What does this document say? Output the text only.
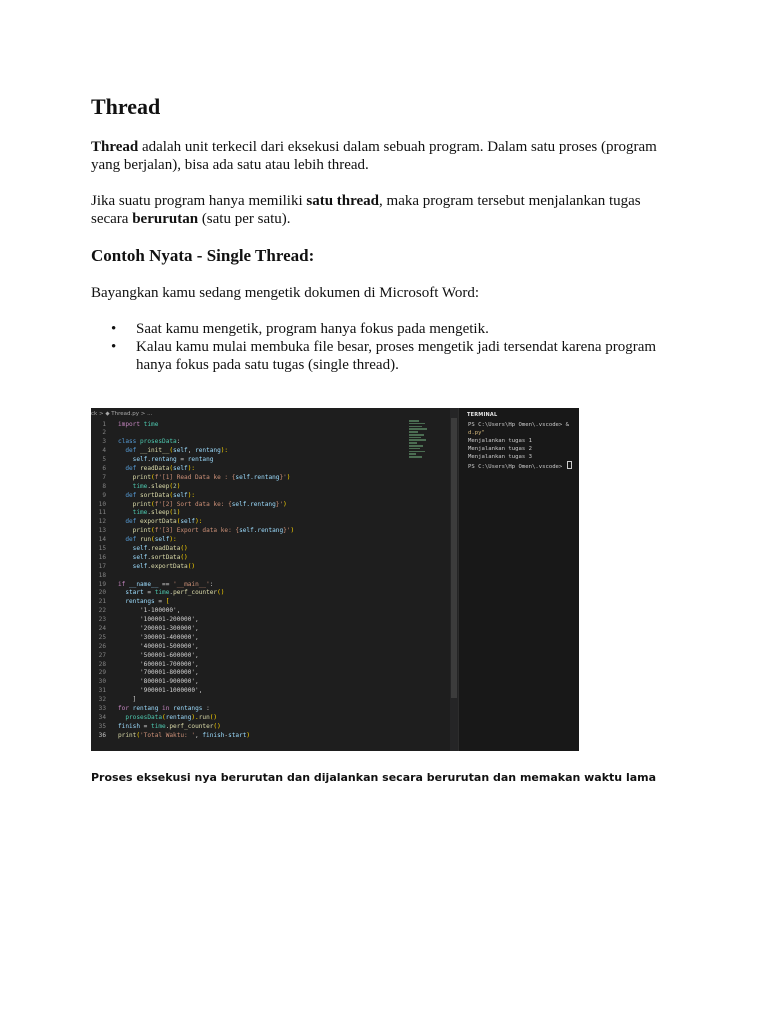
Thread

Thread adalah unit terkecil dari eksekusi dalam sebuah program. Dalam satu proses (program yang berjalan), bisa ada satu atau lebih thread.

Jika suatu program hanya memiliki satu thread, maka program tersebut menjalankan tugas secara berurutan (satu per satu).

Contoh Nyata - Single Thread:

Bayangkan kamu sedang mengetik dokumen di Microsoft Word:

• Saat kamu mengetik, program hanya fokus pada mengetik.
• Kalau kamu mulai membuka file besar, proses mengetik jadi tersendat karena program hanya fokus pada satu tugas (single thread).
ck > ◆ Thread.py > ...
1 import time
2
3 class prosesData:
4 def __init__(self, rentang):
5 self.rentang = rentang
6 def readData(self):
7 print(f'[1] Read Data ke : {self.rentang}')
8 time.sleep(2)
9 def sortData(self):
10 print(f'[2] Sort data ke: {self.rentang}')
11 time.sleep(1)
12 def exportData(self):
13 print(f'[3] Export data ke: {self.rentang}')
14 def run(self):
15 self.readData()
16 self.sortData()
17 self.exportData()
18
19 if __name__ == '__main__':
20 start = time.perf_counter()
21 rentangs = [
22 '1-100000',
23 '100001-200000',
24 '200001-300000',
25 '300001-400000',
26 '400001-500000',
27 '500001-600000',
28 '600001-700000',
29 '700001-800000',
30 '800001-900000',
31 '900001-1000000',
32 ]
33 for rentang in rentangs :
34 prosesData(rentang).run()
35 finish = time.perf_counter()
36 print('Total Waktu: ', finish-start)
TERMINAL
PS C:\Users\Hp Omen\.vscode> &
d.py"
Menjalankan tugas 1
Menjalankan tugas 2
Menjalankan tugas 3
PS C:\Users\Hp Omen\.vscode>

Proses eksekusi nya berurutan dan dijalankan secara berurutan dan memakan waktu lama
